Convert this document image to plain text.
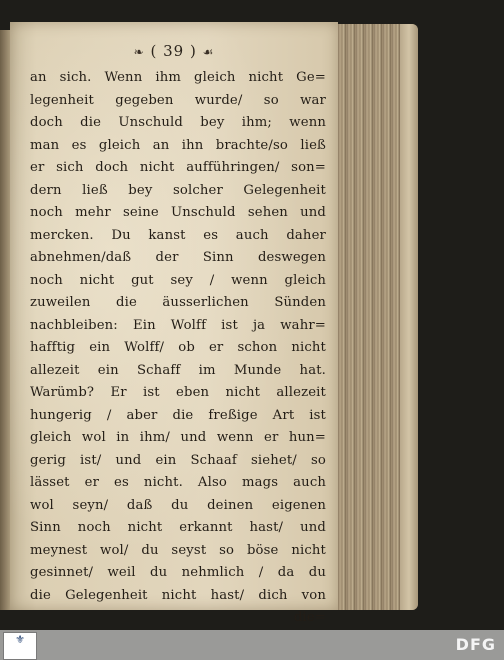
❧ ( 39 ) ☙
an sich. Wenn ihm gleich nicht Ge=
legenheit gegeben wurde/ so war
doch die Unschuld bey ihm; wenn
man es gleich an ihn brachte/so ließ
er sich doch nicht aufführingen/ son=
dern ließ bey solcher Gelegenheit
noch mehr seine Unschuld sehen und
mercken. Du kanst es auch daher
abnehmen/daß der Sinn deswegen
noch nicht gut sey / wenn gleich
zuweilen die äusserlichen Sünden
nachbleiben: Ein Wolff ist ja wahr=
hafftig ein Wolff/ ob er schon nicht
allezeit ein Schaff im Munde hat.
Warümb? Er ist eben nicht allezeit
hungerig / aber die freßige Art ist
gleich wol in ihm/ und wenn er hun=
gerig ist/ und ein Schaaf siehet/ so
lässet er es nicht. Also mags auch
wol seyn/ daß du deinen eigenen
Sinn noch nicht erkannt hast/ und
meynest wol/ du seyst so böse nicht
gesinnet/ weil du nehmlich / da du
die Gelegenheit nicht hast/ dich von
die=
⚜	DFG
